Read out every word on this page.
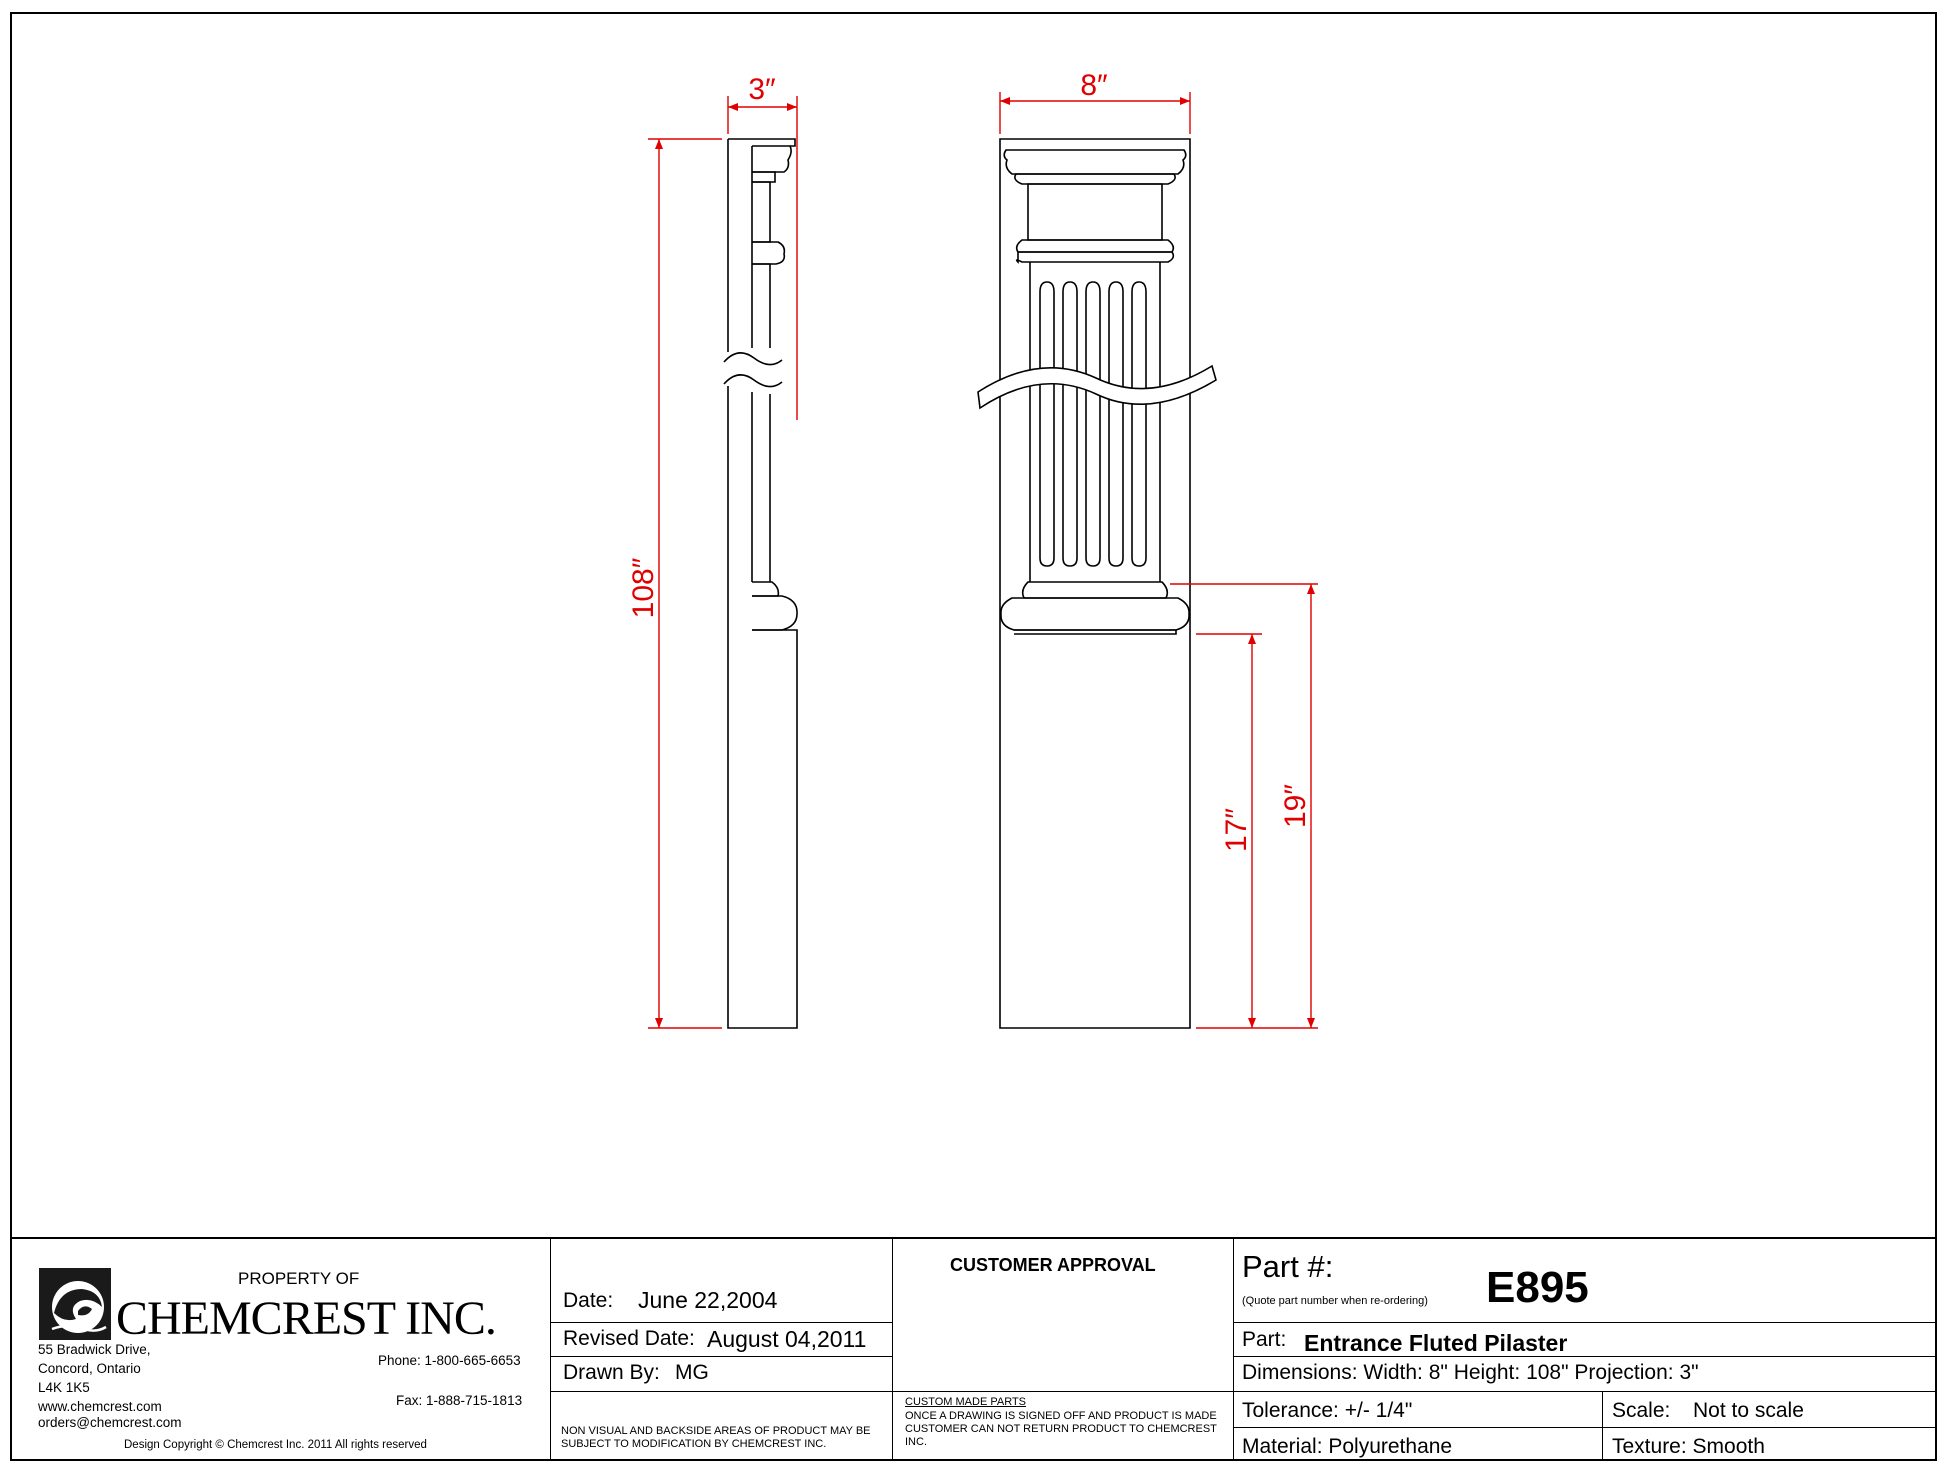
3″
108″
8″
17″
19″
PROPERTY OF
CHEMCREST INC.
55 Bradwick Drive,
Concord, Ontario
L4K 1K5
www.chemcrest.com
orders@chemcrest.com
Phone: 1-800-665-6653
Fax: 1-888-715-1813
Design Copyright © Chemcrest Inc. 2011 All rights reserved
Date: June 22,2004
Revised Date: August 04,2011
Drawn By: MG
NON VISUAL AND BACKSIDE AREAS OF PRODUCT MAY BE SUBJECT TO MODIFICATION BY CHEMCREST INC.
CUSTOMER APPROVAL
CUSTOM MADE PARTS
ONCE A DRAWING IS SIGNED OFF AND PRODUCT IS MADE CUSTOMER CAN NOT RETURN PRODUCT TO CHEMCREST INC.
Part #:
(Quote part number when re-ordering) E895
Part: Entrance Fluted Pilaster
Dimensions: Width: 8" Height: 108" Projection: 3"
Tolerance: +/- 1/4"	Scale: Not to scale
Material: Polyurethane	Texture: Smooth
